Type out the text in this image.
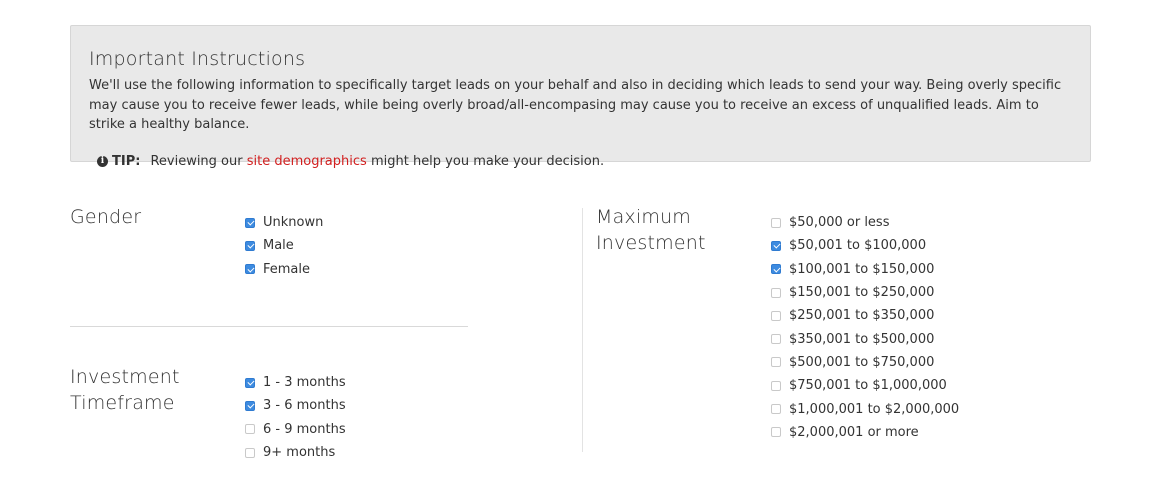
Important Instructions

We'll use the following information to specifically target leads on your behalf and also in deciding which leads to send your way. Being overly specific may cause you to receive fewer leads, while being overly broad/all-encompasing may cause you to receive an excess of unqualified leads. Aim to strike a healthy balance.

i TIP: Reviewing our
site demographics
might help you make your decision.
Gender	Unknown
Male
Female
Investment
Timeframe
1 - 3 months
3 - 6 months
6 - 9 months
9+ months
Maximum
Investment
$50,000 or less
$50,001 to $100,000
$100,001 to $150,000
$150,001 to $250,000
$250,001 to $350,000
$350,001 to $500,000
$500,001 to $750,000
$750,001 to $1,000,000
$1,000,001 to $2,000,000
$2,000,001 or more
